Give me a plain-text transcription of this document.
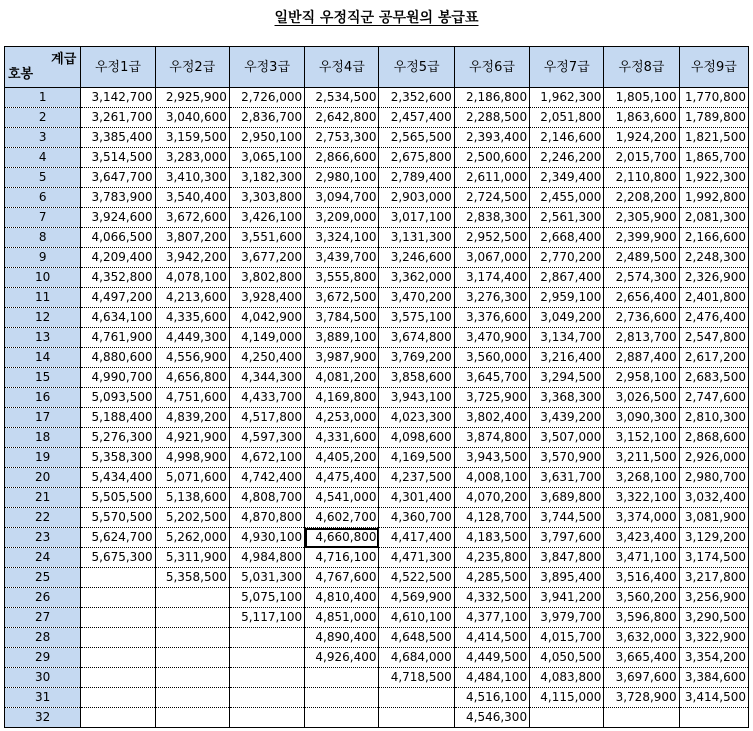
일반직 우정직군 공무원의 봉급표
계급
호봉	우정1급	우정2급	우정3급	우정4급	우정5급	우정6급	우정7급	우정8급	우정9급
1	3,142,700	2,925,900	2,726,000	2,534,500	2,352,600	2,186,800	1,962,300	1,805,100	1,770,800
2	3,261,700	3,040,600	2,836,700	2,642,800	2,457,400	2,288,500	2,051,800	1,863,600	1,789,800
3	3,385,400	3,159,500	2,950,100	2,753,300	2,565,500	2,393,400	2,146,600	1,924,200	1,821,500
4	3,514,500	3,283,000	3,065,100	2,866,600	2,675,800	2,500,600	2,246,200	2,015,700	1,865,700
5	3,647,700	3,410,300	3,182,300	2,980,100	2,789,400	2,611,000	2,349,400	2,110,800	1,922,300
6	3,783,900	3,540,400	3,303,800	3,094,700	2,903,000	2,724,500	2,455,000	2,208,200	1,992,800
7	3,924,600	3,672,600	3,426,100	3,209,000	3,017,100	2,838,300	2,561,300	2,305,900	2,081,300
8	4,066,500	3,807,200	3,551,600	3,324,100	3,131,300	2,952,500	2,668,400	2,399,900	2,166,600
9	4,209,400	3,942,200	3,677,200	3,439,700	3,246,600	3,067,000	2,770,200	2,489,500	2,248,300
10	4,352,800	4,078,100	3,802,800	3,555,800	3,362,000	3,174,400	2,867,400	2,574,300	2,326,900
11	4,497,200	4,213,600	3,928,400	3,672,500	3,470,200	3,276,300	2,959,100	2,656,400	2,401,800
12	4,634,100	4,335,600	4,042,900	3,784,500	3,575,100	3,376,600	3,049,200	2,736,600	2,476,400
13	4,761,900	4,449,300	4,149,000	3,889,100	3,674,800	3,470,900	3,134,700	2,813,700	2,547,800
14	4,880,600	4,556,900	4,250,400	3,987,900	3,769,200	3,560,000	3,216,400	2,887,400	2,617,200
15	4,990,700	4,656,800	4,344,300	4,081,200	3,858,600	3,645,700	3,294,500	2,958,100	2,683,500
16	5,093,500	4,751,600	4,433,700	4,169,800	3,943,100	3,725,900	3,368,300	3,026,500	2,747,600
17	5,188,400	4,839,200	4,517,800	4,253,000	4,023,300	3,802,400	3,439,200	3,090,300	2,810,300
18	5,276,300	4,921,900	4,597,300	4,331,600	4,098,600	3,874,800	3,507,000	3,152,100	2,868,600
19	5,358,300	4,998,900	4,672,100	4,405,200	4,169,500	3,943,500	3,570,900	3,211,500	2,926,000
20	5,434,400	5,071,600	4,742,400	4,475,400	4,237,500	4,008,100	3,631,700	3,268,100	2,980,700
21	5,505,500	5,138,600	4,808,700	4,541,000	4,301,400	4,070,200	3,689,800	3,322,100	3,032,400
22	5,570,500	5,202,500	4,870,800	4,602,700	4,360,700	4,128,700	3,744,500	3,374,000	3,081,900
23	5,624,700	5,262,000	4,930,100	4,660,800	4,417,400	4,183,500	3,797,600	3,423,400	3,129,200
24	5,675,300	5,311,900	4,984,800	4,716,100	4,471,300	4,235,800	3,847,800	3,471,100	3,174,500
25		5,358,500	5,031,300	4,767,600	4,522,500	4,285,500	3,895,400	3,516,400	3,217,800
26			5,075,100	4,810,400	4,569,900	4,332,500	3,941,200	3,560,200	3,256,900
27			5,117,100	4,851,000	4,610,100	4,377,100	3,979,700	3,596,800	3,290,500
28				4,890,400	4,648,500	4,414,500	4,015,700	3,632,000	3,322,900
29				4,926,400	4,684,000	4,449,500	4,050,500	3,665,400	3,354,200
30					4,718,500	4,484,100	4,083,800	3,697,600	3,384,600
31						4,516,100	4,115,000	3,728,900	3,414,500
32						4,546,300			
